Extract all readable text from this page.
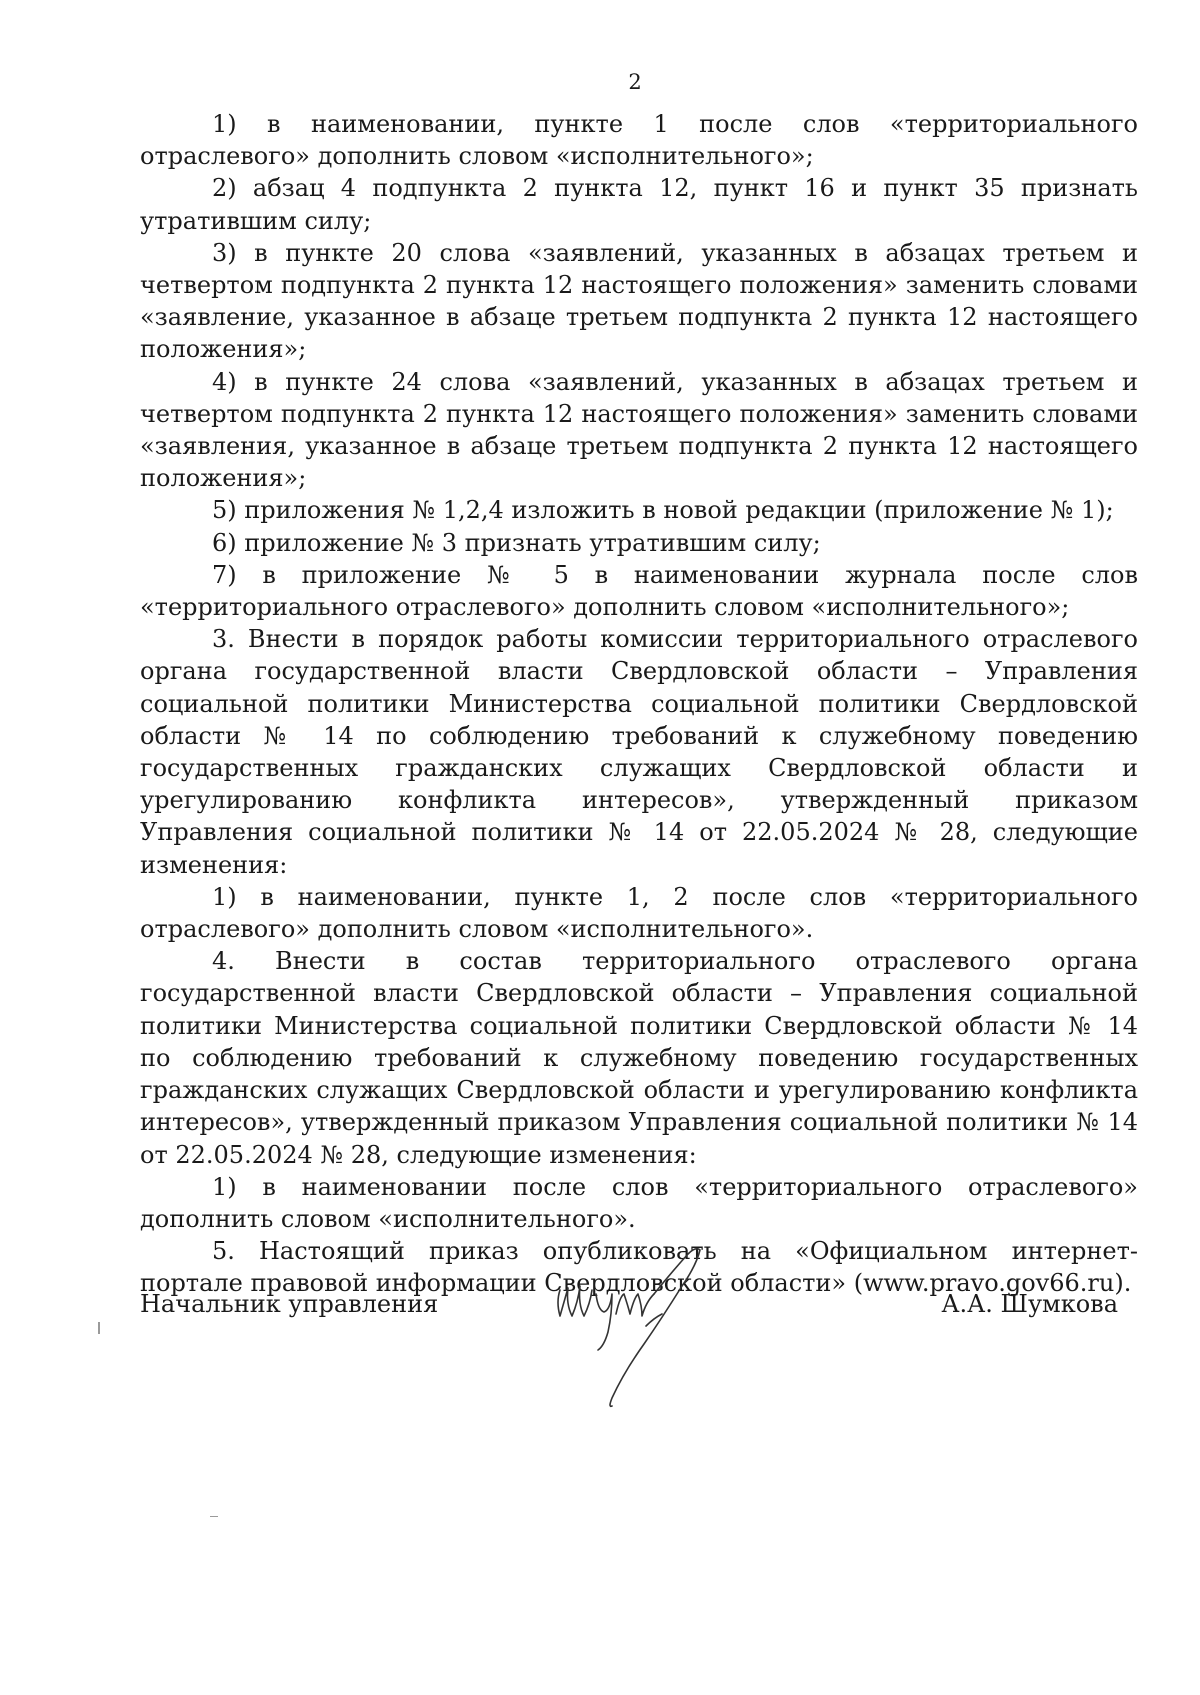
2

1) в наименовании, пункте 1 после слов «территориального отраслевого» дополнить словом «исполнительного»;

2) абзац 4 подпункта 2 пункта 12, пункт 16 и пункт 35 признать утратившим силу;

3) в пункте 20 слова «заявлений, указанных в абзацах третьем и четвертом подпункта 2 пункта 12 настоящего положения» заменить словами «заявление, указанное в абзаце третьем подпункта 2 пункта 12 настоящего положения»;

4) в пункте 24 слова «заявлений, указанных в абзацах третьем и четвертом подпункта 2 пункта 12 настоящего положения» заменить словами «заявления, указанное в абзаце третьем подпункта 2 пункта 12 настоящего положения»;

5) приложения № 1,2,4 изложить в новой редакции (приложение № 1);

6) приложение № 3 признать утратившим силу;

7) в приложение № 5 в наименовании журнала после слов «территориального отраслевого» дополнить словом «исполнительного»;

3. Внести в порядок работы комиссии территориального отраслевого органа государственной власти Свердловской области – Управления социальной политики Министерства социальной политики Свердловской области № 14 по соблюдению требований к служебному поведению государственных гражданских служащих Свердловской области и урегулированию конфликта интересов», утвержденный приказом Управления социальной политики № 14 от 22.05.2024 № 28, следующие изменения:

1) в наименовании, пункте 1, 2 после слов «территориального отраслевого» дополнить словом «исполнительного».

4. Внести в состав территориального отраслевого органа государственной власти Свердловской области – Управления социальной политики Министерства социальной политики Свердловской области № 14 по соблюдению требований к служебному поведению государственных гражданских служащих Свердловской области и урегулированию конфликта интересов», утвержденный приказом Управления социальной политики № 14 от 22.05.2024 № 28, следующие изменения:

1) в наименовании после слов «территориального отраслевого» дополнить словом «исполнительного».

5. Настоящий приказ опубликовать на «Официальном интернет-портале правовой информации Свердловской области» (www.pravo.gov66.ru).

Начальник управления	А.А. Шумкова
